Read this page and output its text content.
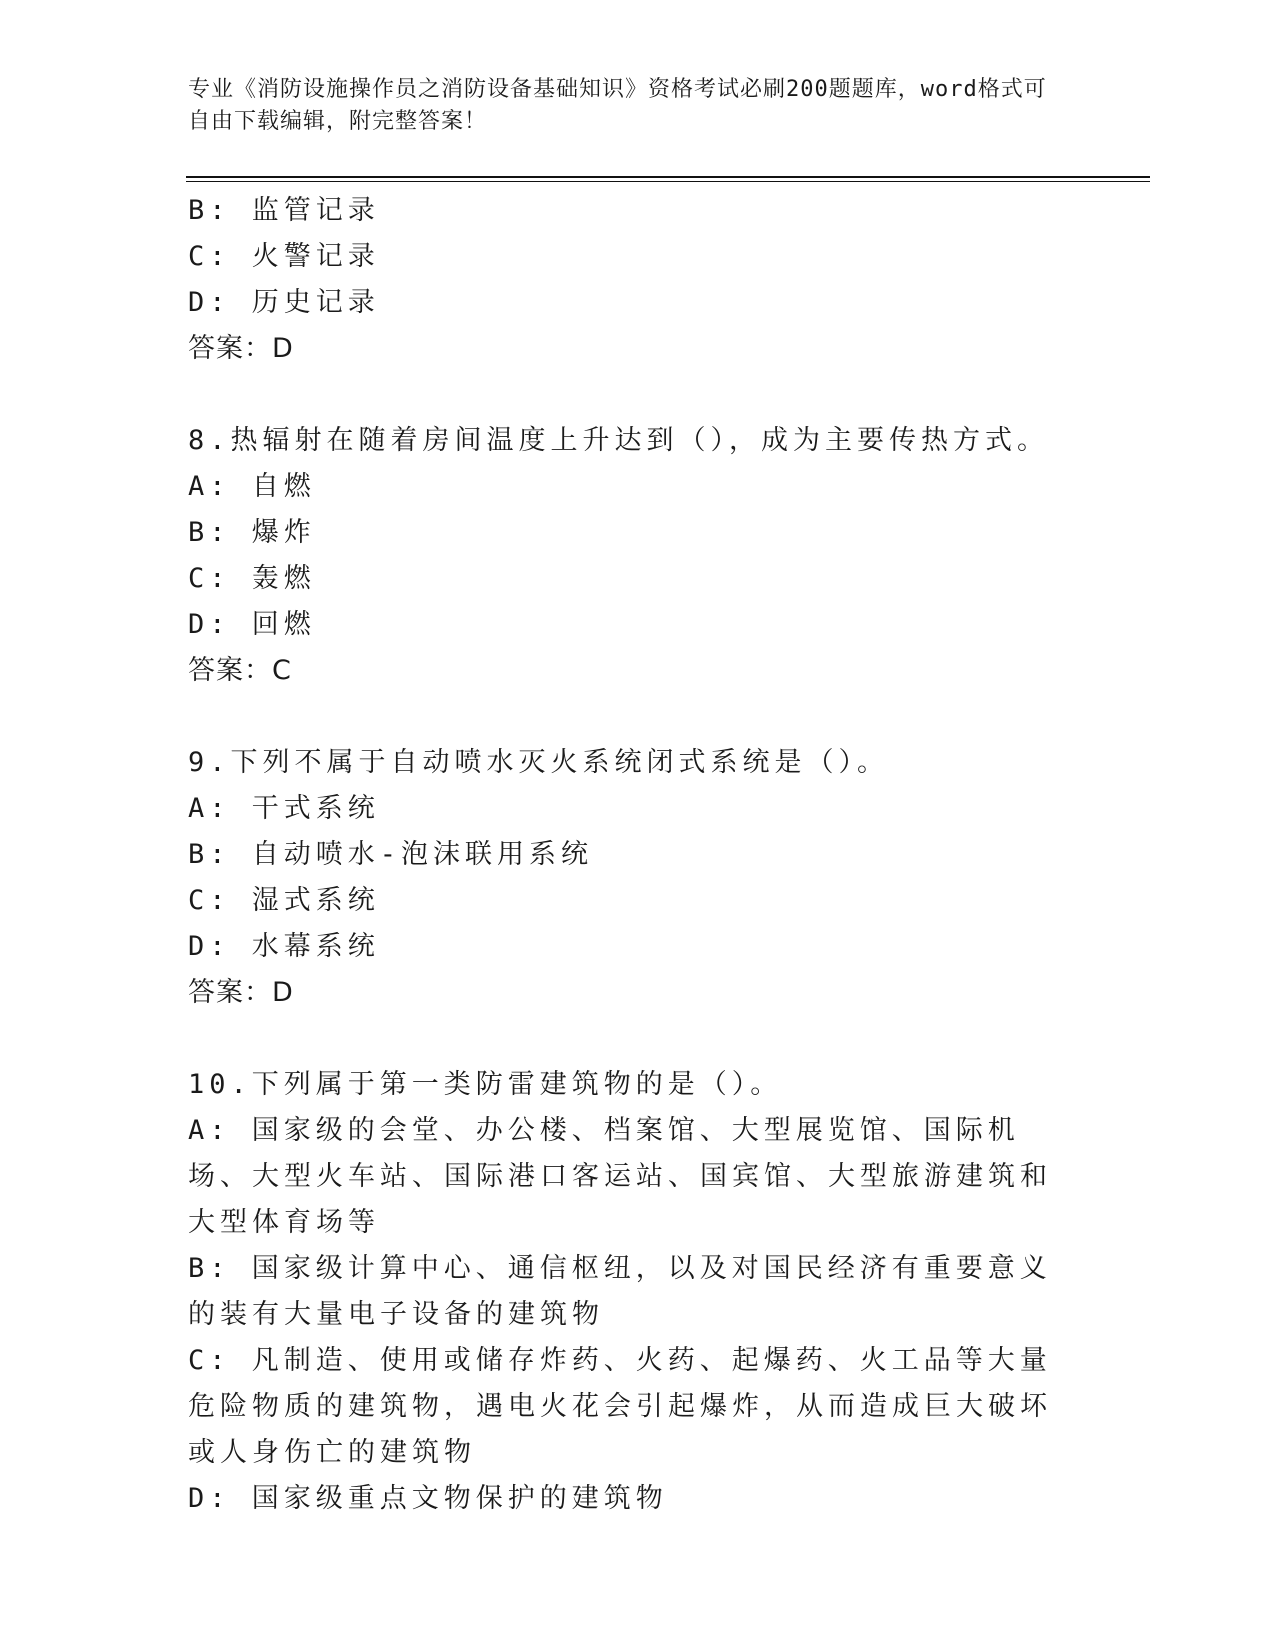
专业《消防设施操作员之消防设备基础知识》资格考试必刷200题题库，word格式可自由下载编辑，附完整答案！
B: 监管记录
C: 火警记录
D: 历史记录
答案：D
8.热辐射在随着房间温度上升达到（），成为主要传热方式。
A: 自燃
B: 爆炸
C: 轰燃
D: 回燃
答案：C
9.下列不属于自动喷水灭火系统闭式系统是（）。
A: 干式系统
B: 自动喷水-泡沫联用系统
C: 湿式系统
D: 水幕系统
答案：D
10.下列属于第一类防雷建筑物的是（）。
A: 国家级的会堂、办公楼、档案馆、大型展览馆、国际机场、大型火车站、国际港口客运站、国宾馆、大型旅游建筑和大型体育场等
B: 国家级计算中心、通信枢纽，以及对国民经济有重要意义的装有大量电子设备的建筑物
C: 凡制造、使用或储存炸药、火药、起爆药、火工品等大量危险物质的建筑物，遇电火花会引起爆炸，从而造成巨大破坏或人身伤亡的建筑物
D: 国家级重点文物保护的建筑物
